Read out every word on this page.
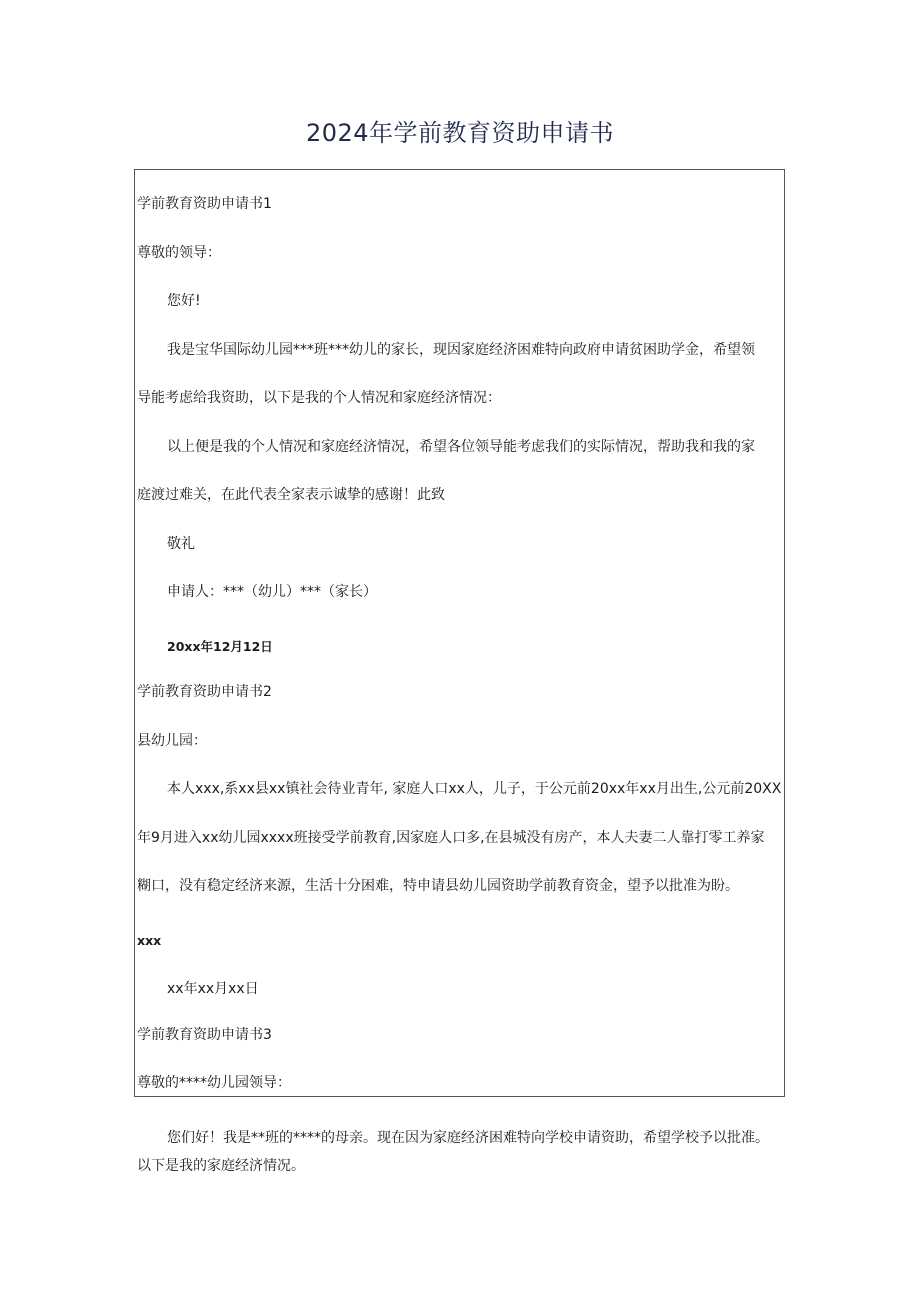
2024年学前教育资助申请书

学前教育资助申请书1

尊敬的领导：

您好!

我是宝华国际幼儿园***班***幼儿的家长，现因家庭经济困难特向政府申请贫困助学金，希望领

导能考虑给我资助，以下是我的个人情况和家庭经济情况：

以上便是我的个人情况和家庭经济情况，希望各位领导能考虑我们的实际情况，帮助我和我的家

庭渡过难关，在此代表全家表示诚挚的感谢！此致

敬礼

申请人：***（幼儿）***（家长）

20xx年12月12日

学前教育资助申请书2

县幼儿园：

本人xxx,系xx县xx镇社会待业青年, 家庭人口xx人，儿子，于公元前20xx年xx月出生,公元前20XX

年9月进入xx幼儿园xxxx班接受学前教育,因家庭人口多,在县城没有房产，本人夫妻二人靠打零工养家

糊口，没有稳定经济来源，生活十分困难，特申请县幼儿园资助学前教育资金，望予以批准为盼。

xxx

xx年xx月xx日

学前教育资助申请书3

尊敬的****幼儿园领导：

您们好！我是**班的****的母亲。现在因为家庭经济困难特向学校申请资助，希望学校予以批准。

以下是我的家庭经济情况。
